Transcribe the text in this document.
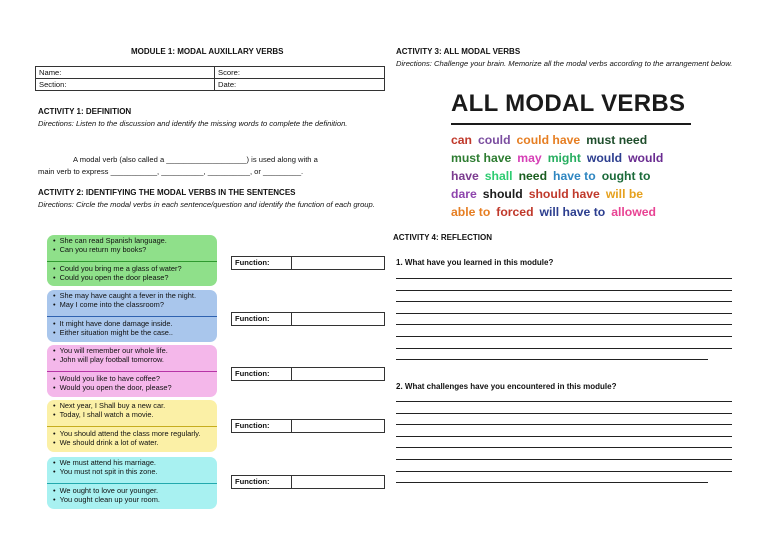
MODULE 1: MODAL AUXILLARY VERBS
Name:	Score:
Section:	Date:
ACTIVITY 1: DEFINITION
Directions: Listen to the discussion and identify the missing words to complete the definition.
A modal verb (also called a ___________________) is used along with a
main verb to express ___________, __________, __________, or _________.
ACTIVITY 2: IDENTIFYING THE MODAL VERBS IN THE SENTENCES
Directions: Circle the modal verbs in each sentence/question and identify the function of each group.
• She can read Spanish language.
• Can you return my books?
• Could you bring me a glass of water?
• Could you open the door please?
• She may have caught a fever in the night.
• May I come into the classroom?
• It might have done damage inside.
• Either situation might be the case..
• You will remember our whole life.
• John will play football tomorrow.
• Would you like to have coffee?
• Would you open the door, please?
• Next year, I Shall buy a new car.
• Today, I shall watch a movie.
• You should attend the class more regularly.
• We should drink a lot of water.
• We must attend his marriage.
• You must not spit in this zone.
• We ought to love our younger.
• You ought clean up your room.
Function:
Function:
Function:
Function:
Function:
ACTIVITY 3: ALL MODAL VERBS
Directions: Challenge your brain. Memorize all the modal verbs according to the arrangement below.
ALL MODAL VERBS
can could could have must need
must have may might would would
have shall need have to ought to
dare should should have will be
able to forced will have to allowed
ACTIVITY 4: REFLECTION
1. What have you learned in this module?
2. What challenges have you encountered in this module?
